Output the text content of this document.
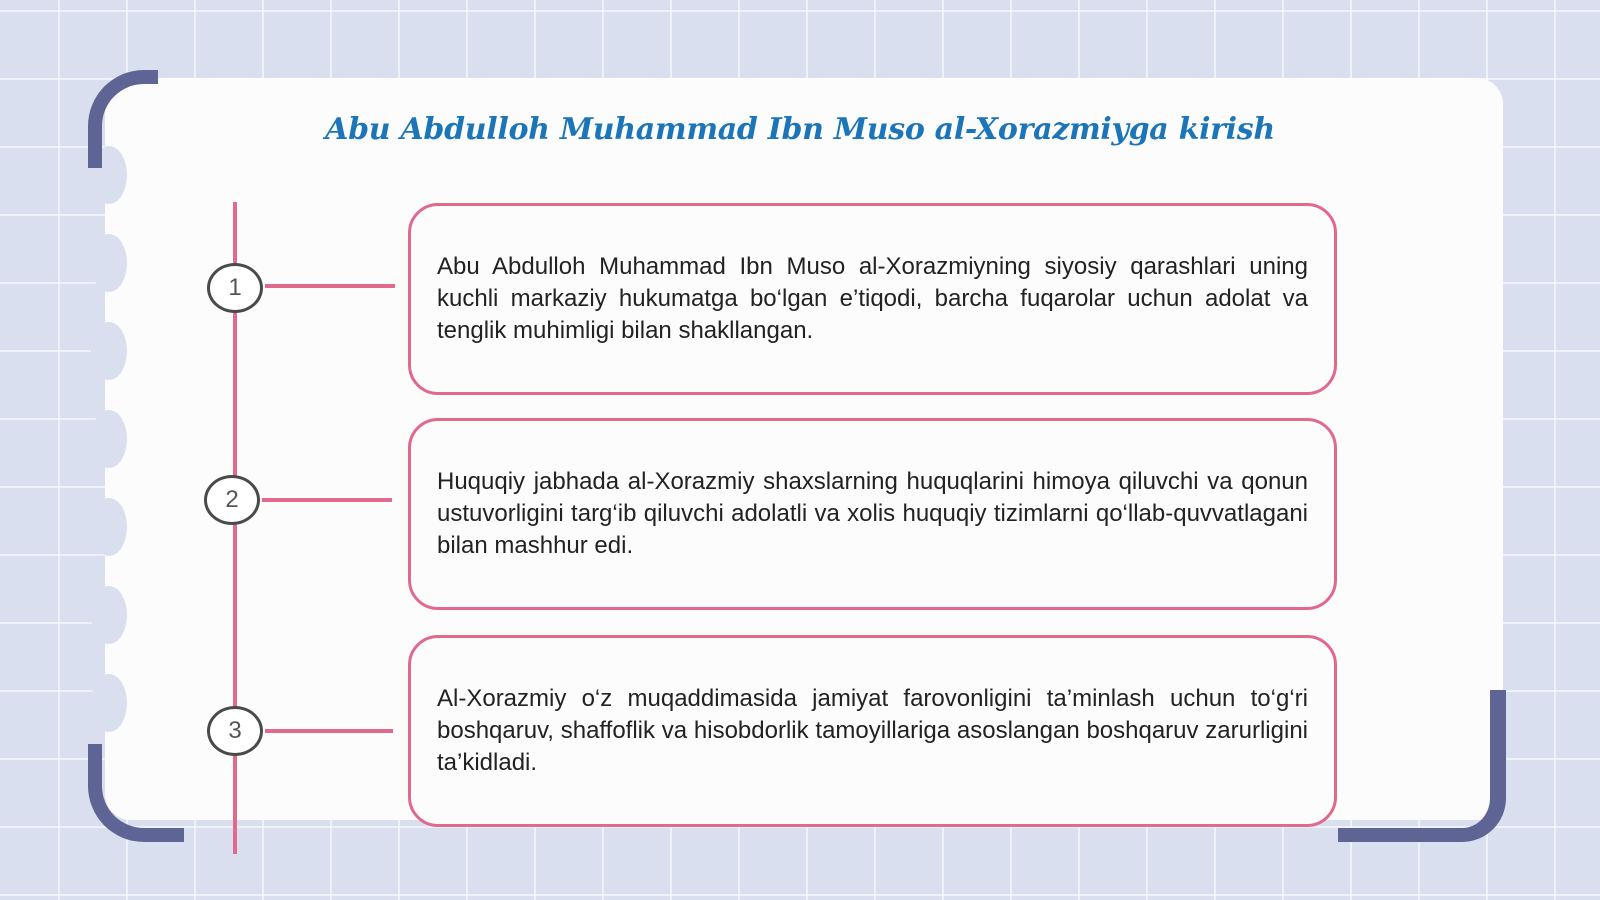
Abu Abdulloh Muhammad Ibn Muso al-Xorazmiyga kirish
1
2
3

Abu Abdulloh Muhammad Ibn Muso al-Xorazmiyning siyosiy qarashlari uning kuchli markaziy hukumatga bo‘lgan e’tiqodi, barcha fuqarolar uchun adolat va tenglik muhimligi bilan shakllangan.

Huquqiy jabhada al-Xorazmiy shaxslarning huquqlarini himoya qiluvchi va qonun ustuvorligini targ‘ib qiluvchi adolatli va xolis huquqiy tizimlarni qo‘llab-quvvatlagani bilan mashhur edi.

Al-Xorazmiy o‘z muqaddimasida jamiyat farovonligini ta’minlash uchun to‘g‘ri boshqaruv, shaffoflik va hisobdorlik tamoyillariga asoslangan boshqaruv zarurligini ta’kidladi.
